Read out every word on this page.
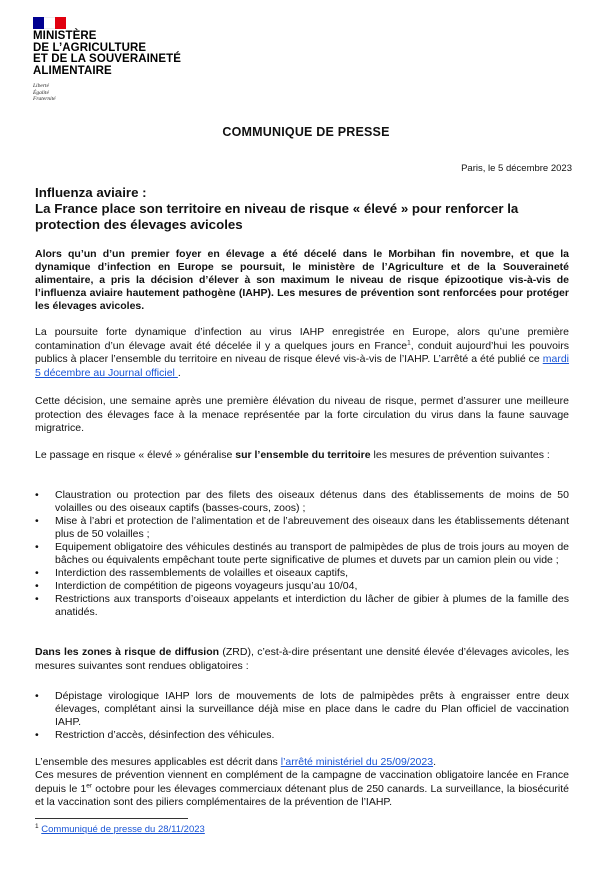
MINISTÈRE
DE L’AGRICULTURE
ET DE LA SOUVERAINETÉ
ALIMENTAIRE
Liberté
Égalité
Fraternité
COMMUNIQUE DE PRESSE
Paris, le 5 décembre 2023
Influenza aviaire :
La France place son territoire en niveau de risque « élevé » pour renforcer la protection des élevages avicoles
Alors qu’un d’un premier foyer en élevage a été décelé dans le Morbihan fin novembre, et que la dynamique d’infection en Europe se poursuit, le ministère de l’Agriculture et de la Souveraineté alimentaire, a pris la décision d’élever à son maximum le niveau de risque épizootique vis-à-vis de l’influenza aviaire hautement pathogène (IAHP). Les mesures de prévention sont renforcées pour protéger les élevages avicoles.
La poursuite forte dynamique d’infection au virus IAHP enregistrée en Europe, alors qu’une première contamination d’un élevage avait été décelée il y a quelques jours en France$^1$, conduit aujourd’hui les pouvoirs publics à placer l’ensemble du territoire en niveau de risque élevé vis-à-vis de l’IAHP. L’arrêté a été publié ce mardi 5 décembre au Journal officiel .
Cette décision, une semaine après une première élévation du niveau de risque, permet d’assurer une meilleure protection des élevages face à la menace représentée par la forte circulation du virus dans la faune sauvage migratrice.
Le passage en risque « élevé » généralise sur l’ensemble du territoire les mesures de prévention suivantes :
• Claustration ou protection par des filets des oiseaux détenus dans des établissements de moins de 50 volailles ou des oiseaux captifs (basses-cours, zoos) ;
• Mise à l’abri et protection de l’alimentation et de l’abreuvement des oiseaux dans les établissements détenant plus de 50 volailles ;
• Equipement obligatoire des véhicules destinés au transport de palmipèdes de plus de trois jours au moyen de bâches ou équivalents empêchant toute perte significative de plumes et duvets par un camion plein ou vide ;
• Interdiction des rassemblements de volailles et oiseaux captifs,
• Interdiction de compétition de pigeons voyageurs jusqu’au 10/04,
• Restrictions aux transports d’oiseaux appelants et interdiction du lâcher de gibier à plumes de la famille des anatidés.
Dans les zones à risque de diffusion (ZRD), c’est-à-dire présentant une densité élevée d’élevages avicoles, les mesures suivantes sont rendues obligatoires :
• Dépistage virologique IAHP lors de mouvements de lots de palmipèdes prêts à engraisser entre deux élevages, complétant ainsi la surveillance déjà mise en place dans le cadre du Plan officiel de vaccination IAHP.
• Restriction d’accès, désinfection des véhicules.
L’ensemble des mesures applicables est décrit dans l’arrêté ministériel du 25/09/2023.
Ces mesures de prévention viennent en complément de la campagne de vaccination obligatoire lancée en France depuis le 1er octobre pour les élevages commerciaux détenant plus de 250 canards. La surveillance, la biosécurité et la vaccination sont des piliers complémentaires de la prévention de l’IAHP.
$^1$ Communiqué de presse du 28/11/2023
